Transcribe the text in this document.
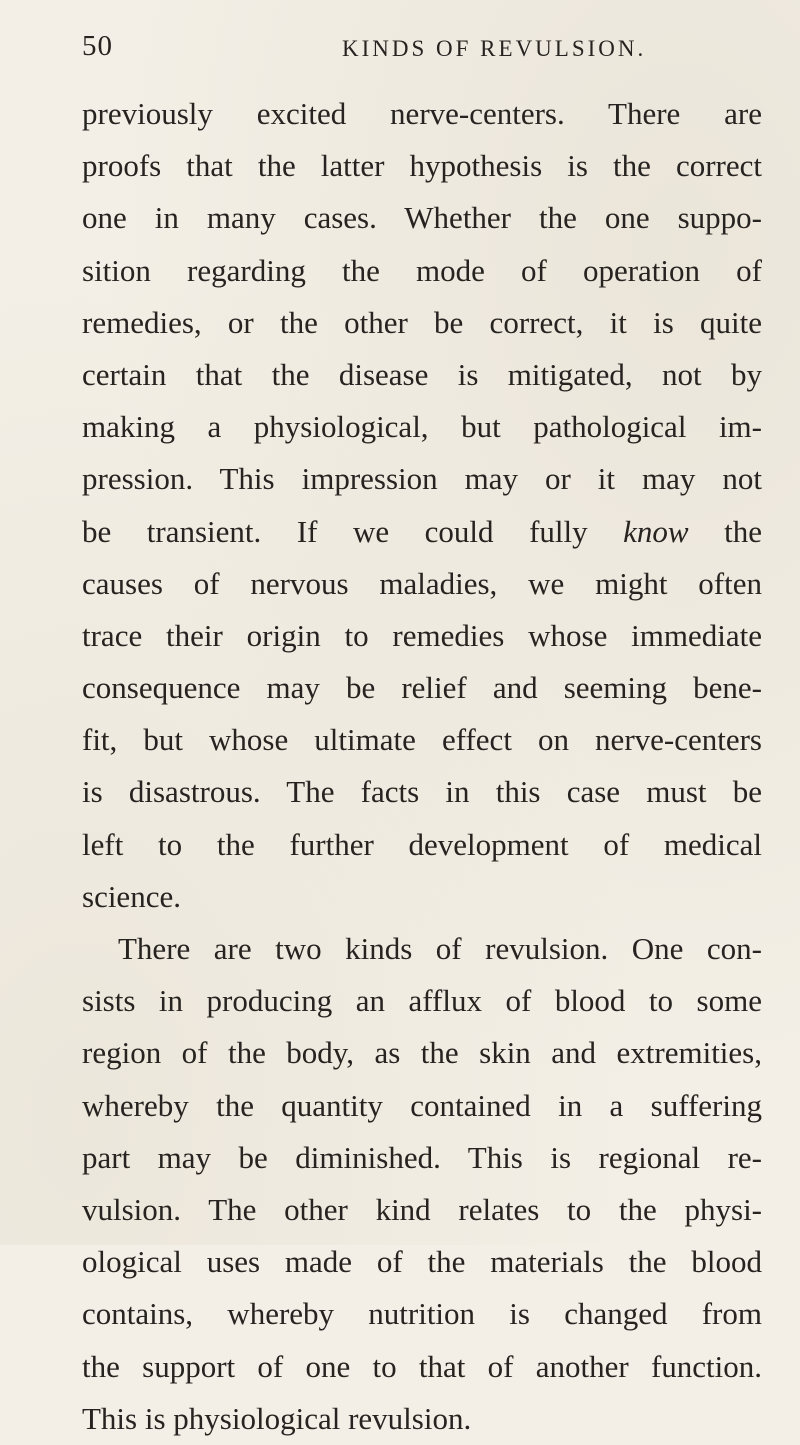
50	KINDS OF REVULSION.
previously excited nerve-centers. There are
proofs that the latter hypothesis is the correct
one in many cases. Whether the one suppo-
sition regarding the mode of operation of
remedies, or the other be correct, it is quite
certain that the disease is mitigated, not by
making a physiological, but pathological im-
pression. This impression may or it may not
be transient. If we could fully know the
causes of nervous maladies, we might often
trace their origin to remedies whose immediate
consequence may be relief and seeming bene-
fit, but whose ultimate effect on nerve-centers
is disastrous. The facts in this case must be
left to the further development of medical
science.
There are two kinds of revulsion. One con-
sists in producing an afflux of blood to some
region of the body, as the skin and extremities,
whereby the quantity contained in a suffering
part may be diminished. This is regional re-
vulsion. The other kind relates to the physi-
ological uses made of the materials the blood
contains, whereby nutrition is changed from
the support of one to that of another function.
This is physiological revulsion.
